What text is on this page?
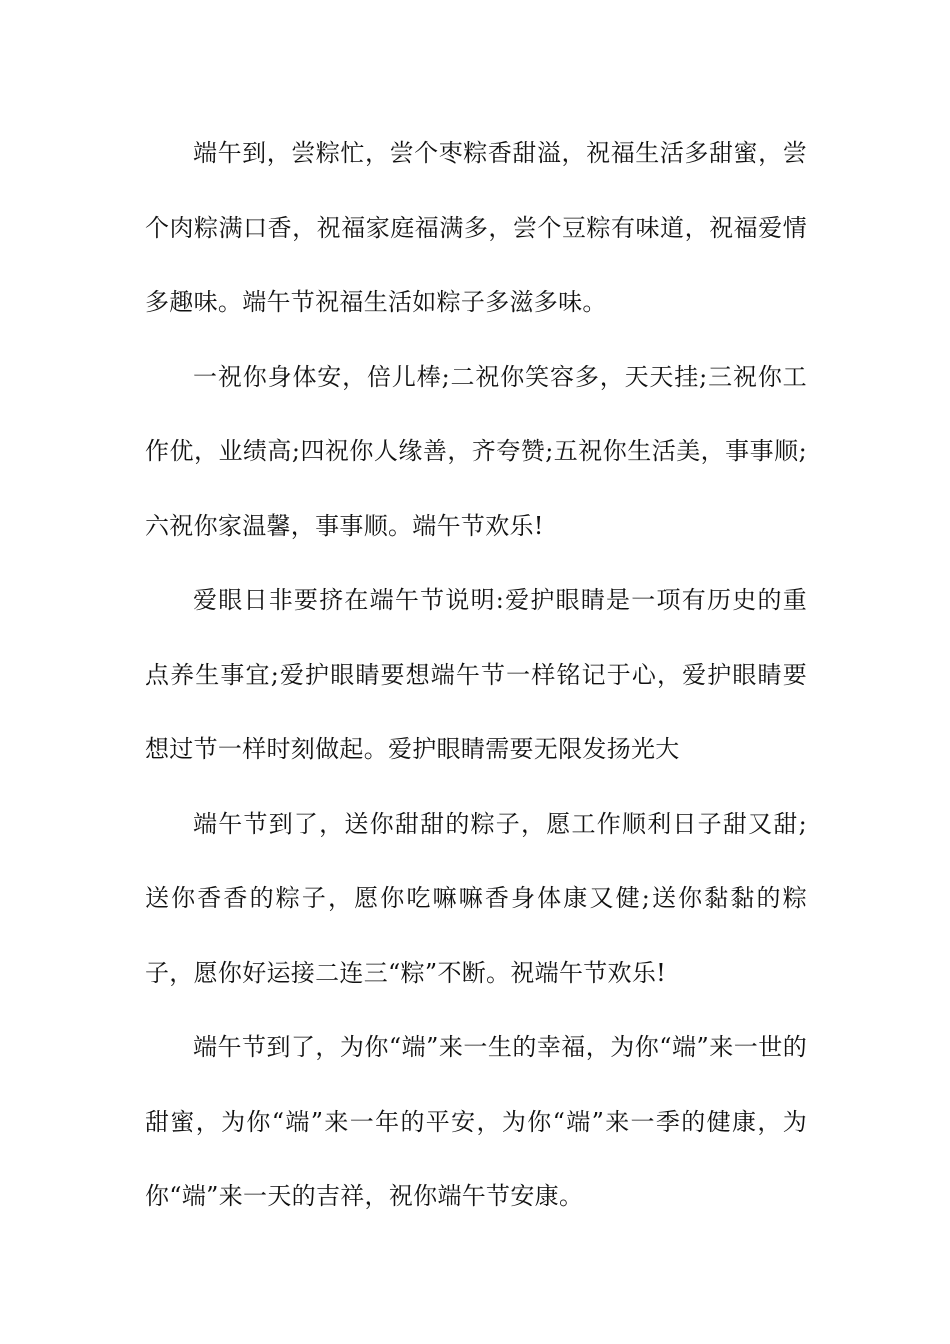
端午到，尝粽忙，尝个枣粽香甜溢，祝福生活多甜蜜，尝个肉粽满口香，祝福家庭福满多，尝个豆粽有味道，祝福爱情多趣味。端午节祝福生活如粽子多滋多味。

一祝你身体安，倍儿棒;二祝你笑容多，天天挂;三祝你工作优，业绩高;四祝你人缘善，齐夸赞;五祝你生活美，事事顺;六祝你家温馨，事事顺。端午节欢乐!

爱眼日非要挤在端午节说明:爱护眼睛是一项有历史的重点养生事宜;爱护眼睛要想端午节一样铭记于心，爱护眼睛要想过节一样时刻做起。爱护眼睛需要无限发扬光大

端午节到了，送你甜甜的粽子，愿工作顺利日子甜又甜;送你香香的粽子，愿你吃嘛嘛香身体康又健;送你黏黏的粽子，愿你好运接二连三“粽”不断。祝端午节欢乐!

端午节到了，为你“端”来一生的幸福，为你“端”来一世的甜蜜，为你“端”来一年的平安，为你“端”来一季的健康，为你“端”来一天的吉祥，祝你端午节安康。
